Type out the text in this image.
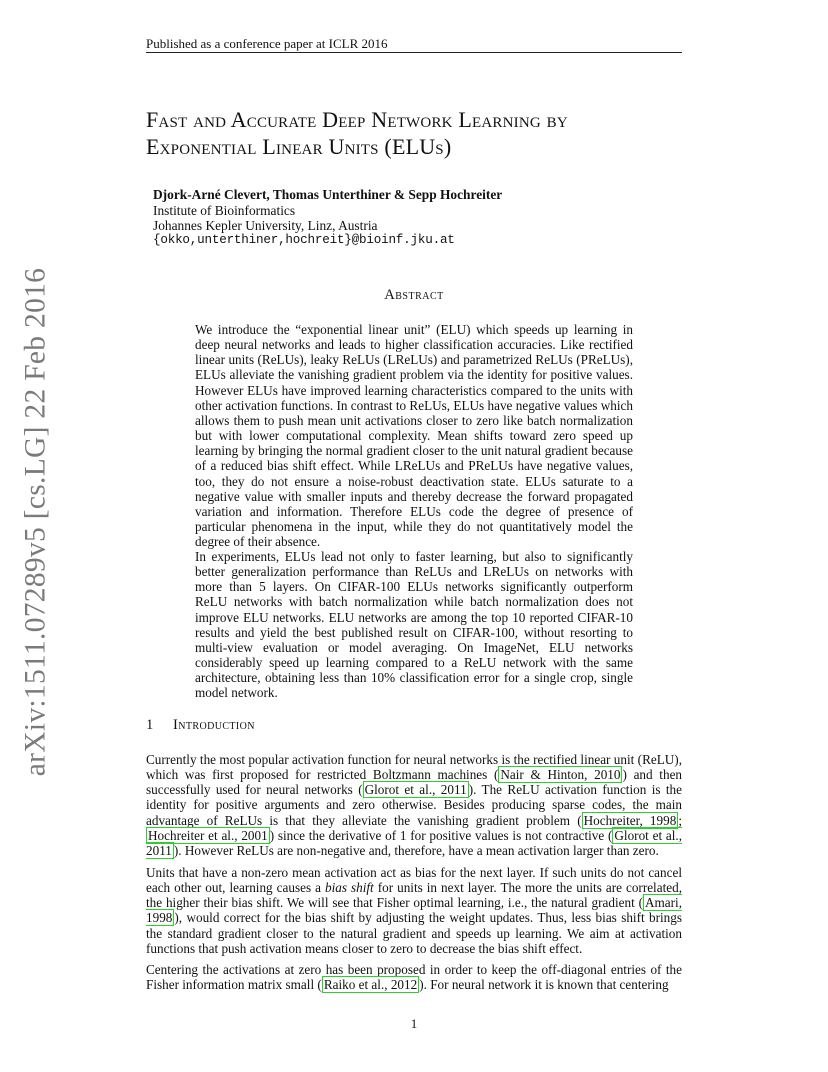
Published as a conference paper at ICLR 2016
Fast and Accurate Deep Network Learning by
Exponential Linear Units (ELUs)
Djork-Arné Clevert, Thomas Unterthiner & Sepp Hochreiter
Institute of Bioinformatics
Johannes Kepler University, Linz, Austria
{okko,unterthiner,hochreit}@bioinf.jku.at
Abstract

We introduce the “exponential linear unit” (ELU) which speeds up learning in deep neural networks and leads to higher classification accuracies. Like rectified linear units (ReLUs), leaky ReLUs (LReLUs) and parametrized ReLUs (PReLUs), ELUs alleviate the vanishing gradient problem via the identity for positive values. However ELUs have improved learning characteristics compared to the units with other activation functions. In contrast to ReLUs, ELUs have negative values which allows them to push mean unit activations closer to zero like batch normalization but with lower computational complexity. Mean shifts toward zero speed up learning by bringing the normal gradient closer to the unit natural gradient because of a reduced bias shift effect. While LReLUs and PReLUs have negative values, too, they do not ensure a noise-robust deactivation state. ELUs saturate to a negative value with smaller inputs and thereby decrease the forward propagated variation and information. Therefore ELUs code the degree of presence of particular phenomena in the input, while they do not quantitatively model the degree of their absence.

In experiments, ELUs lead not only to faster learning, but also to significantly better generalization performance than ReLUs and LReLUs on networks with more than 5 layers. On CIFAR-100 ELUs networks significantly outperform ReLU networks with batch normalization while batch normalization does not improve ELU networks. ELU networks are among the top 10 reported CIFAR-10 results and yield the best published result on CIFAR-100, without resorting to multi-view evaluation or model averaging. On ImageNet, ELU networks considerably speed up learning compared to a ReLU network with the same architecture, obtaining less than 10% classification error for a single crop, single model network.

1 Introduction

Currently the most popular activation function for neural networks is the rectified linear unit (ReLU), which was first proposed for restricted Boltzmann machines ( Nair & Hinton, 2010 ) and then successfully used for neural networks ( Glorot et al., 2011 ). The ReLU activation function is the identity for positive arguments and zero otherwise. Besides producing sparse codes, the main advantage of ReLUs is that they alleviate the vanishing gradient problem ( Hochreiter, 1998 ; Hochreiter et al., 2001 ) since the derivative of 1 for positive values is not contractive ( Glorot et al., 2011 ). However ReLUs are non-negative and, therefore, have a mean activation larger than zero.

Units that have a non-zero mean activation act as bias for the next layer. If such units do not cancel each other out, learning causes a bias shift for units in next layer. The more the units are correlated, the higher their bias shift. We will see that Fisher optimal learning, i.e., the natural gradient ( Amari, 1998 ), would correct for the bias shift by adjusting the weight updates. Thus, less bias shift brings the standard gradient closer to the natural gradient and speeds up learning. We aim at activation functions that push activation means closer to zero to decrease the bias shift effect.

Centering the activations at zero has been proposed in order to keep the off-diagonal entries of the Fisher information matrix small ( Raiko et al., 2012 ). For neural network it is known that centering

1
arXiv:1511.07289v5 [cs.LG] 22 Feb 2016
